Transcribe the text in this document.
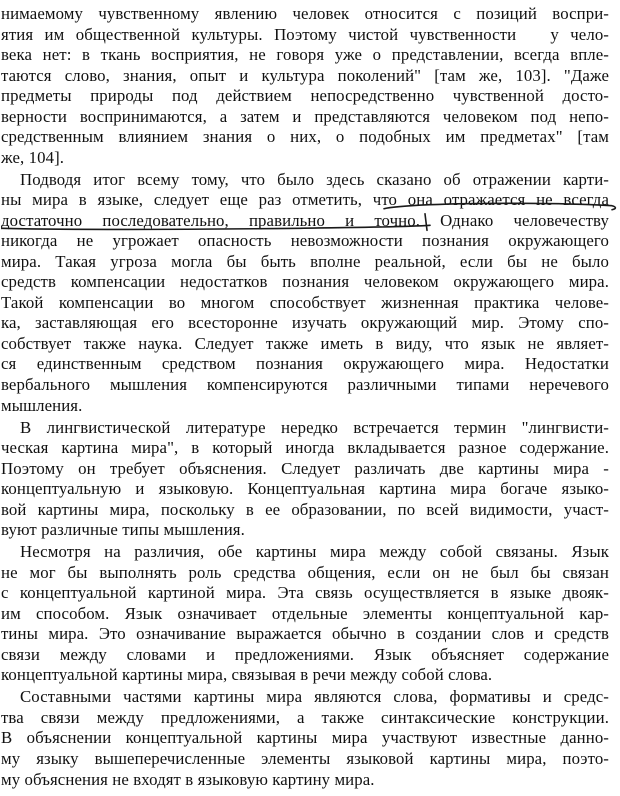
нимаемому чувственному явлению человек относится с позиций воспри-
ятия им общественной культуры. Поэтому чистой чувственности   у чело-
века нет: в ткань восприятия, не говоря уже о представлении, всегда впле-
таются слово, знания, опыт и культура поколений" [там же, 103]. "Даже
предметы природы под действием непосредственно чувственной досто-
верности воспринимаются, а затем и представляются человеком под непо-
средственным влиянием знания о них, о подобных им предметах" [там
же, 104].
Подводя итог всему тому, что было здесь сказано об отражении карти-
ны мира в языке, следует еще раз отметить, что она отражается не всегда
достаточно последовательно, правильно и точно. Однако человечеству
никогда не угрожает опасность невозможности познания окружающего
мира. Такая угроза могла бы быть вполне реальной, если бы не было
средств компенсации недостатков познания человеком окружающего мира.
Такой компенсации во многом способствует жизненная практика челове-
ка, заставляющая его всесторонне изучать окружающий мир. Этому спо-
собствует также наука. Следует также иметь в виду, что язык не являет-
ся единственным средством познания окружающего мира. Недостатки
вербального мышления компенсируются различными типами неречевого
мышления.
В лингвистической литературе нередко встречается термин "лингвисти-
ческая картина мира", в который иногда вкладывается разное содержание.
Поэтому он требует объяснения. Следует различать две картины мира -
концептуальную и языковую. Концептуальная картина мира богаче языко-
вой картины мира, поскольку в ее образовании, по всей видимости, участ-
вуют различные типы мышления.
Несмотря на различия, обе картины мира между собой связаны. Язык
не мог бы выполнять роль средства общения, если он не был бы связан
с концептуальной картиной мира. Эта связь осуществляется в языке двояк-
им способом. Язык означивает отдельные элементы концептуальной кар-
тины мира. Это означивание выражается обычно в создании слов и средств
связи между словами и предложениями. Язык объясняет содержание
концептуальной картины мира, связывая в речи между собой слова.
Составными частями картины мира являются слова, формативы и средс-
тва связи между предложениями, а также синтаксические конструкции.
В объяснении концептуальной картины мира участвуют известные данно-
му языку вышеперечисленные элементы языковой картины мира, поэто-
му объяснения не входят в языковую картину мира.
